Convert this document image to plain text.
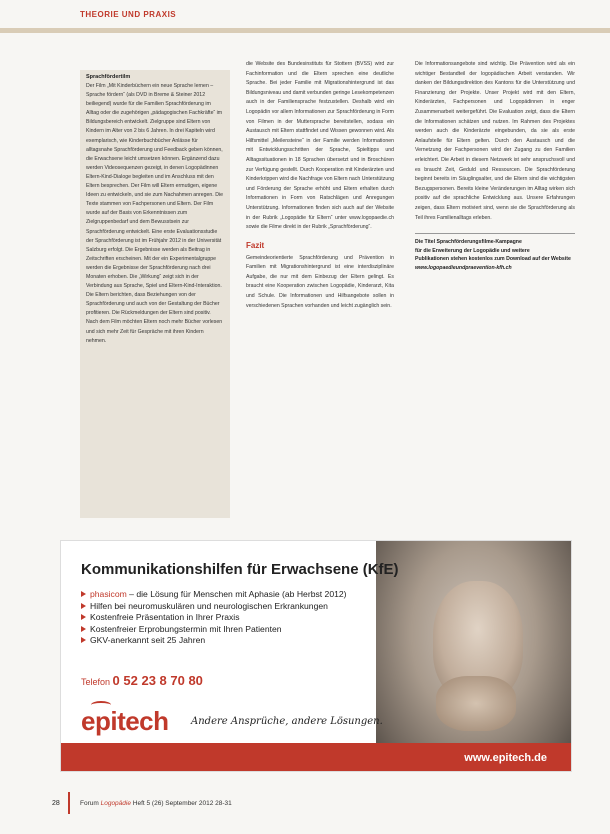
THEORIE UND PRAXIS
Sprachfördertilm

Der Film „Mit Kinderbüchern ein neue Sprache lernen – Sprache fördern“ (als DVD in Breme & Steiner 2012 beiliegend) wurde für die Familien Sprachförderung im Alltag oder die zugehörigen „pädagogischen Fachkräfte“ im Bildungsbereich entwickelt. Zielgruppe sind Eltern von Kindern im Alter von 2 bis 6 Jahren. In drei Kapiteln wird exemplarisch, wie Kinderbuchbücher Anlässe für alltagsnahe Sprachförderung und Feedback geben können, die Erwachsene leicht umsetzen können. Ergänzend dazu werden Videosequenzen gezeigt, in denen Logopädinnen Eltern-Kind-Dialoge begleiten und im Anschluss mit den Eltern besprechen. Der Film will Eltern ermutigen, eigene Ideen zu entwickeln, und sie zum Nachahmen anregen. Die Texte stammen von Fachpersonen und Eltern. Der Film wurde auf der Basis von Erkenntnissen zum Zielgruppenbedarf und dem Bewusstsein zur Sprachförderung entwickelt. Eine erste Evaluationsstudie der Sprachförderung ist im Frühjahr 2012 in der Universität Salzburg erfolgt. Die Ergebnisse werden als Beitrag in Zeitschriften erscheinen. Mit der ein Experimentalgruppe werden die Ergebnisse der Sprachförderung nach drei Monaten erhoben. Die „Wirkung“ zeigt sich in der Verbindung aus Sprache, Spiel und Eltern-Kind-Interaktion. Die Eltern berichten, dass Beziehungen von der Sprachförderung und auch von der Gestaltung der Bücher profitieren. Die Rückmeldungen der Eltern sind positiv. Nach dem Film möchten Eltern noch mehr Bücher vorlesen und sich mehr Zeit für Gespräche mit ihren Kindern nehmen.

die Website des Bundesinstituts für Stottern (BVSS) wird zur Fachinformation und die Eltern sprechen eine deutliche Sprache. Bei jeder Familie mit Migrationshintergrund ist das Bildungsniveau und damit verbunden geringe Lesekompetenzen auch in der Familiensprache festzustellen. Deshalb wird ein Logopädin vor allem Informationen zur Sprachförderung in Form von Filmen in der Muttersprache bereitstellen, sodass ein Austausch mit Eltern stattfindet und Wissen gewonnen wird. Als Hilfsmittel „Meilensteine“ in der Familie werden Informationen mit Entwicklungsschritten der Sprache, Spieltipps und Alltagssituationen in 18 Sprachen übersetzt und in Broschüren zur Verfügung gestellt. Durch Kooperation mit Kinderärzten und Kinderkrippen wird die Nachfrage von Eltern nach Unterstützung und Förderung der Sprache erhöht und Eltern erhalten durch Informationen in Form von Ratschlägen und Anregungen Unterstützung. Informationen finden sich auch auf der Website in der Rubrik „Logopädie für Eltern“ unter www.logopaedie.ch sowie die Filme direkt in der Rubrik „Sprachförderung“.

Fazit

Gemeindeorientierte Sprachförderung und Prävention in Familien mit Migrationshintergrund ist eine interdisziplinäre Aufgabe, die nur mit dem Einbezug der Eltern gelingt. Es braucht eine Kooperation zwischen Logopädie, Kinderarzt, Kita und Schule. Die Informationen und Hilfsangebote sollen in verschiedenen Sprachen vorhanden und leicht zugänglich sein.

Die Informationsangebote sind wichtig. Die Prävention wird als ein wichtiger Bestandteil der logopädischen Arbeit verstanden. Wir danken der Bildungsdirektion des Kantons für die Unterstützung und Finanzierung der Projekte. Unser Projekt wird mit den Eltern, Kinderärzten, Fachpersonen und Logopädinnen in enger Zusammenarbeit weitergeführt. Die Evaluation zeigt, dass die Eltern die Informationen schätzen und nutzen. Im Rahmen des Projektes werden auch die Kinderärzte eingebunden, da sie als erste Anlaufstelle für Eltern gelten. Durch den Austausch und die Vernetzung der Fachpersonen wird der Zugang zu den Familien erleichtert. Die Arbeit in diesem Netzwerk ist sehr anspruchsvoll und es braucht Zeit, Geduld und Ressourcen. Die Sprachförderung beginnt bereits im Säuglingsalter, und die Eltern sind die wichtigsten Bezugspersonen. Bereits kleine Veränderungen im Alltag wirken sich positiv auf die sprachliche Entwicklung aus. Unsere Erfahrungen zeigen, dass Eltern motiviert sind, wenn sie die Sprachförderung als Teil ihres Familienalltags erleben.

Die Titel Sprachförderungsfilme-Kampagne

für die Erweiterung der Logopädie und weitere

Publikationen stehen kostenlos zum Download auf der Website

www.logopaedieundpraevention-kfh.ch

Kommunikationshilfen für Erwachsene (KfE)
phasicom – die Lösung für Menschen mit Aphasie (ab Herbst 2012)
Hilfen bei neuromuskulären und neurologischen Erkrankungen
Kostenfreie Präsentation in Ihrer Praxis
Kostenfreier Erprobungstermin mit Ihren Patienten
GKV-anerkannt seit 25 Jahren
Telefon 0 52 23 8 70 80
epitech Andere Ansprüche, andere Lösungen.
www.epitech.de
28	Forum Logopädie Heft 5 (26) September 2012 28-31
